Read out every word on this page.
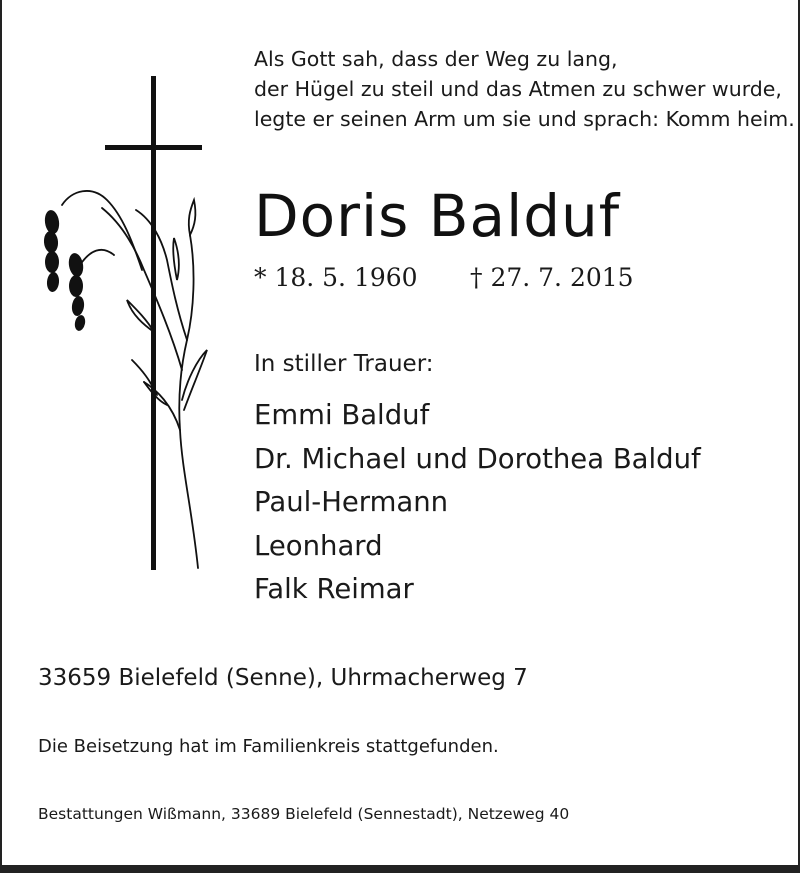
Als Gott sah, dass der Weg zu lang,
der Hügel zu steil und das Atmen zu schwer wurde,
legte er seinen Arm um sie und sprach: Komm heim.
Doris Balduf
* 18. 5. 1960 † 27. 7. 2015
In stiller Trauer:
Emmi Balduf
Dr. Michael und Dorothea Balduf
Paul-Hermann
Leonhard
Falk Reimar
33659 Bielefeld (Senne), Uhrmacherweg 7
Die Beisetzung hat im Familienkreis stattgefunden.
Bestattungen Wißmann, 33689 Bielefeld (Sennestadt), Netzeweg 40
